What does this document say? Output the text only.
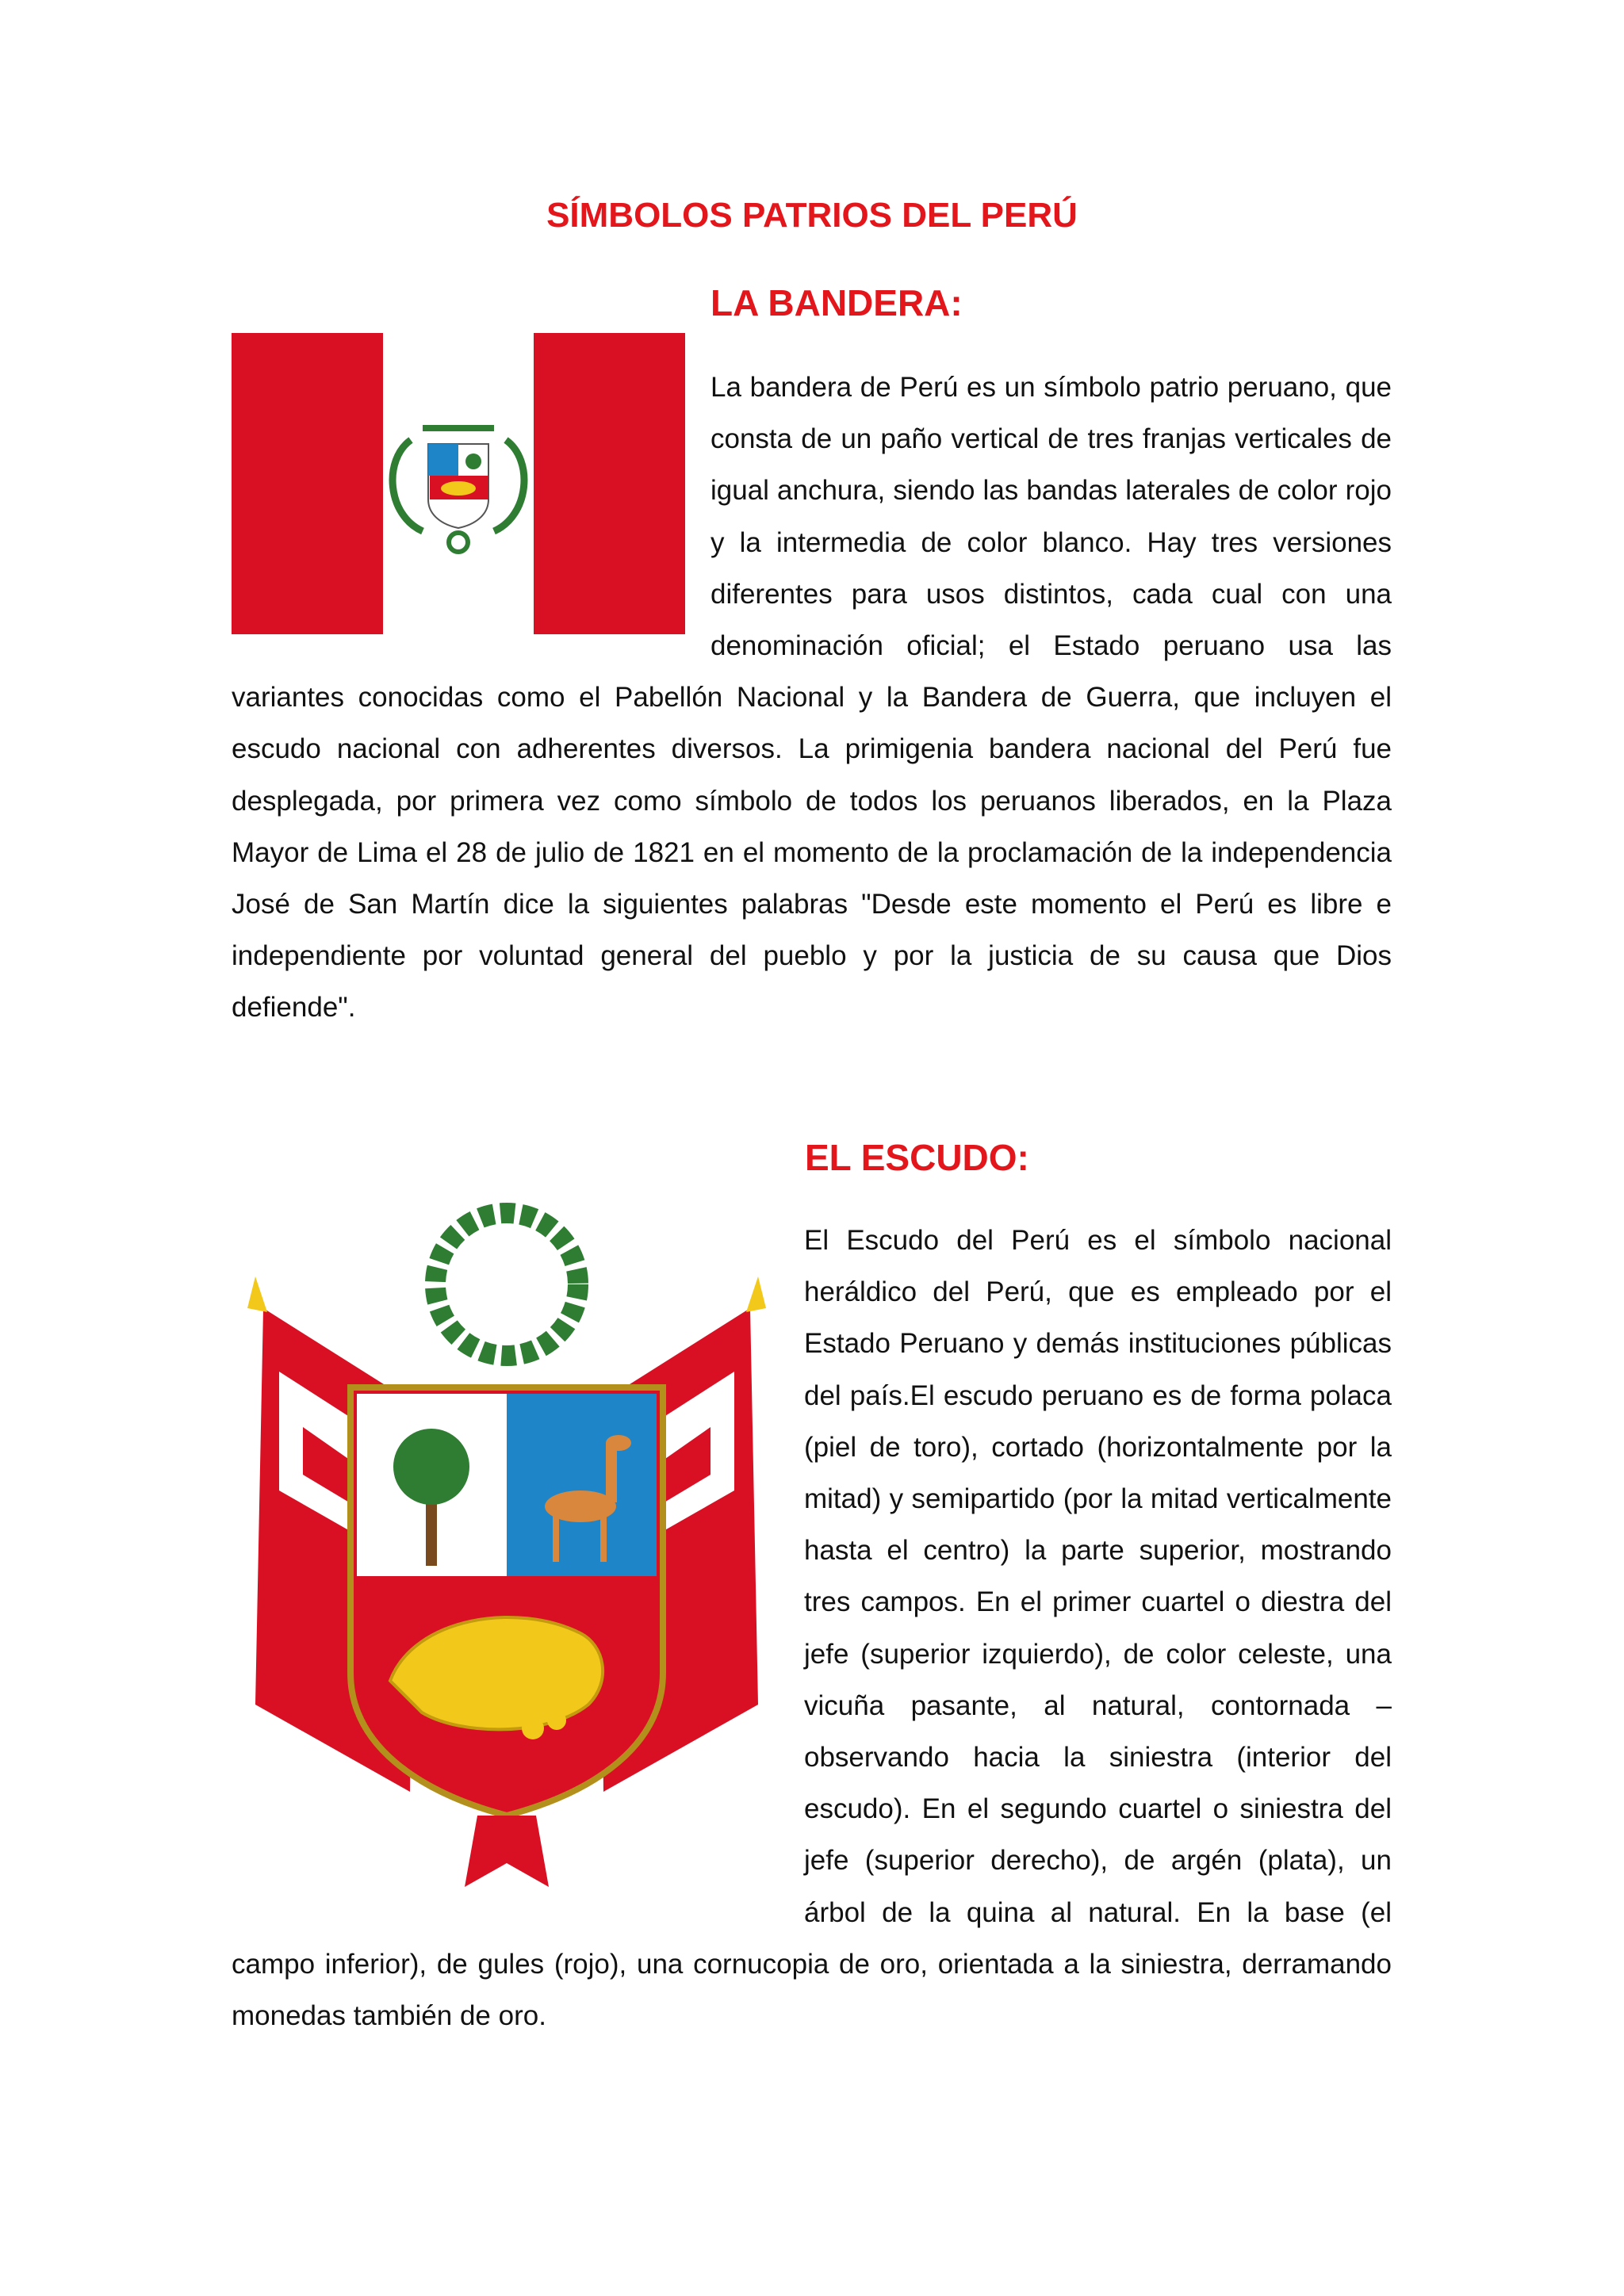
SÍMBOLOS PATRIOS DEL PERÚ
LA BANDERA:

La bandera de Perú es un símbolo patrio peruano, que consta de un paño vertical de tres franjas verticales de igual anchura, siendo las bandas laterales de color rojo y la intermedia de color blanco. Hay tres versiones diferentes para usos distintos, cada cual con una denominación oficial; el Estado peruano usa las variantes conocidas como el Pabellón Nacional y la Bandera de Guerra, que incluyen el escudo nacional con adherentes diversos. La primigenia bandera nacional del Perú fue desplegada, por primera vez como símbolo de todos los peruanos liberados, en la Plaza Mayor de Lima el 28 de julio de 1821 en el momento de la proclamación de la independencia José de San Martín dice la siguientes palabras "Desde este momento el Perú es libre e independiente por voluntad general del pueblo y por la justicia de su causa que Dios defiende".

EL ESCUDO:

El Escudo del Perú es el símbolo nacional heráldico del Perú, que es empleado por el Estado Peruano y demás instituciones públicas del país.El escudo peruano es de forma polaca (piel de toro), cortado (horizontalmente por la mitad) y semipartido (por la mitad verticalmente hasta el centro) la parte superior, mostrando tres campos. En el primer cuartel o diestra del jefe (superior izquierdo), de color celeste, una vicuña pasante, al natural, contornada – observando hacia la siniestra (interior del escudo). En el segundo cuartel o siniestra del jefe (superior derecho), de argén (plata), un árbol de la quina al natural. En la base (el campo inferior), de gules (rojo), una cornucopia de oro, orientada a la siniestra, derramando monedas también de oro.
